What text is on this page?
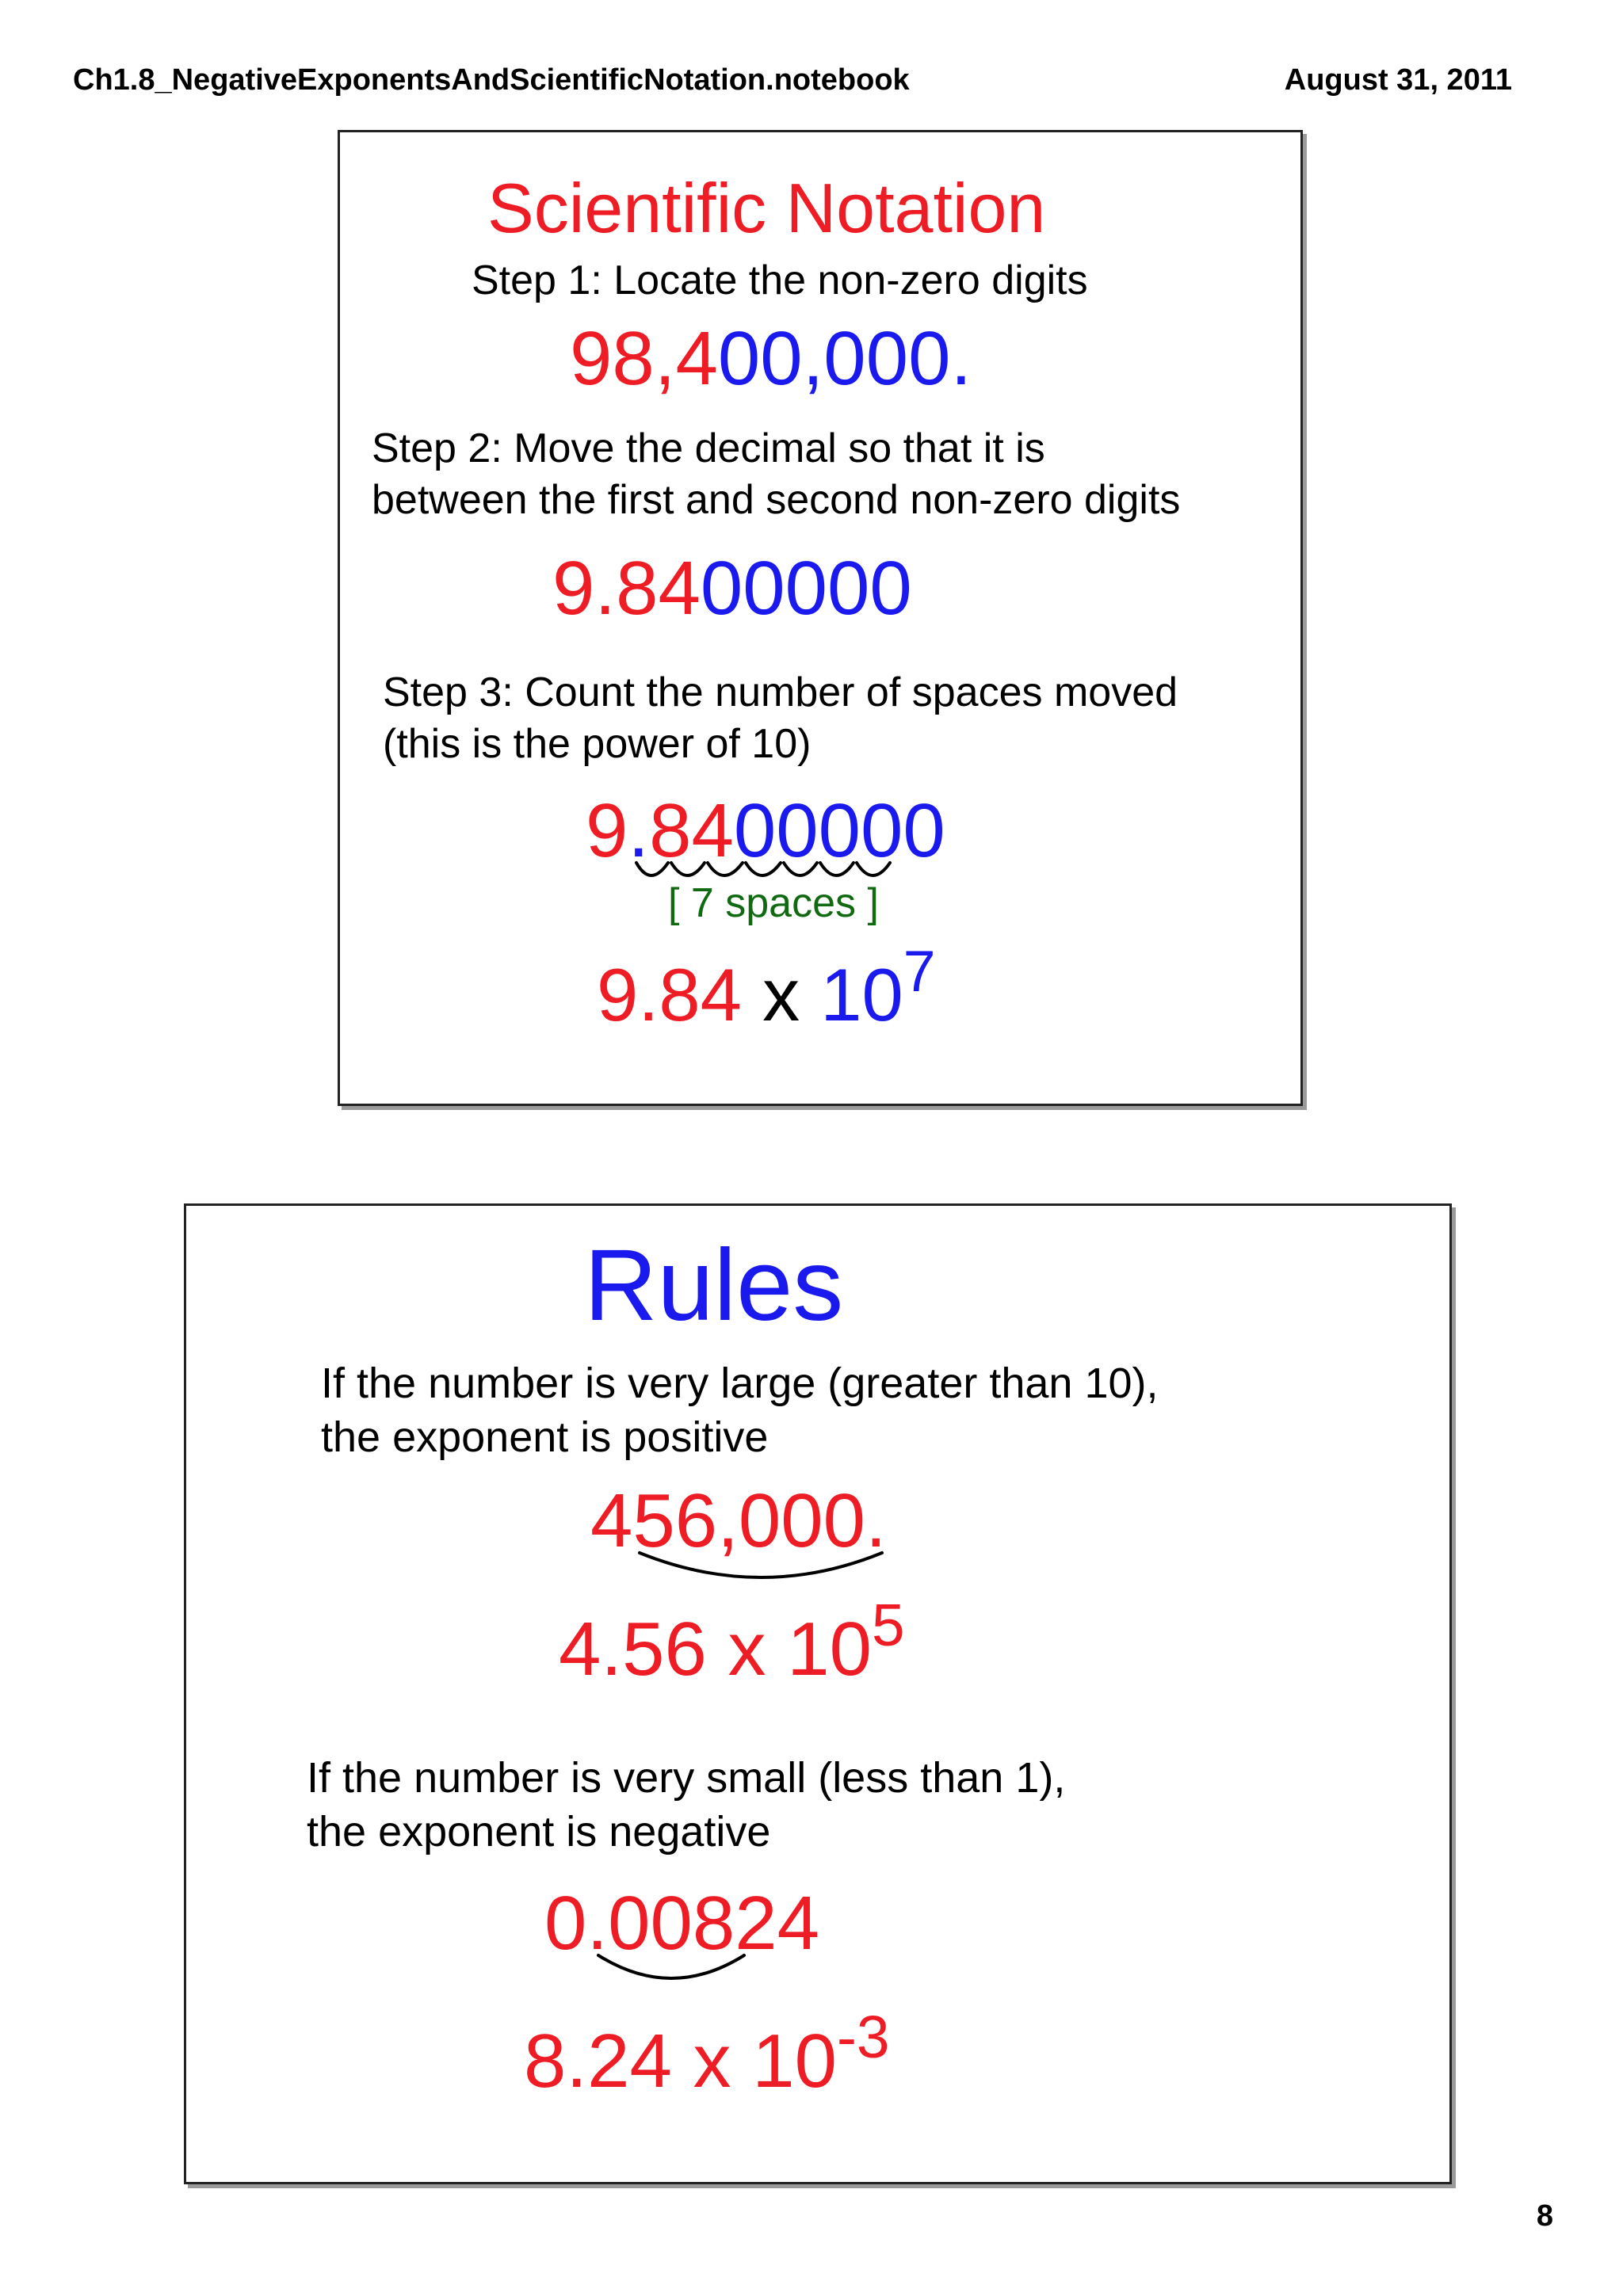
Ch1.8_NegativeExponentsAndScientificNotation.notebook	August 31, 2011
Scientific Notation
Step 1: Locate the non-zero digits
98,400,000.
Step 2: Move the decimal so that it is
between the first and second non-zero digits
9.8400000
Step 3: Count the number of spaces moved
(this is the power of 10)
9.8400000
[ 7 spaces ]
9.84 x $10^7$
Rules
If the number is very large (greater than 10),
the exponent is positive
456,000.
4.56 x $10^5$
If the number is very small (less than 1),
the exponent is negative
0.00824
8.24 x $10^{-3}$
8
